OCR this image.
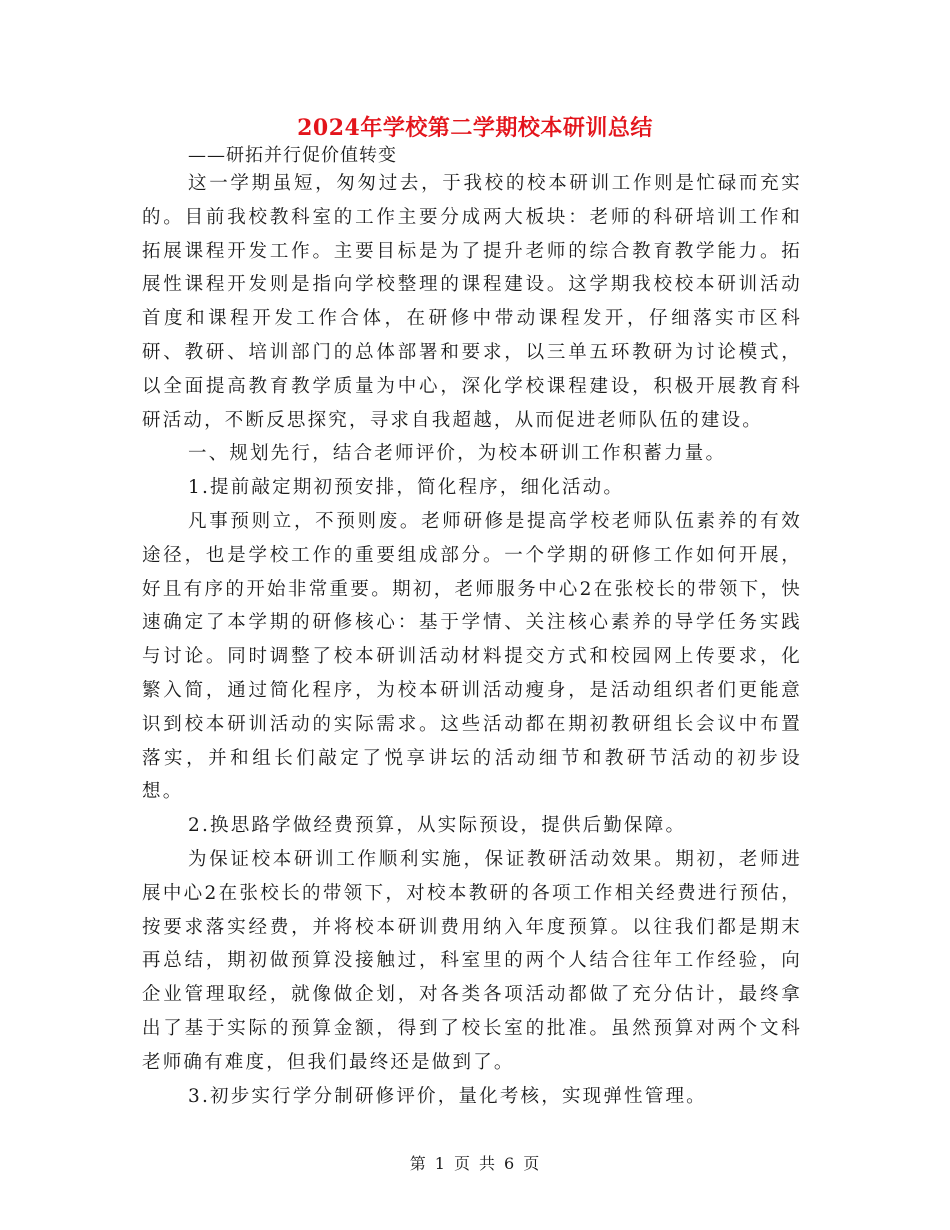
2024年学校第二学期校本研训总结
——研拓并行促价值转变

这一学期虽短，匆匆过去，于我校的校本研训工作则是忙碌而充实的。目前我校教科室的工作主要分成两大板块：老师的科研培训工作和拓展课程开发工作。主要目标是为了提升老师的综合教育教学能力。拓展性课程开发则是指向学校整理的课程建设。这学期我校校本研训活动首度和课程开发工作合体，在研修中带动课程发开，仔细落实市区科研、教研、培训部门的总体部署和要求，以三单五环教研为讨论模式，以全面提高教育教学质量为中心，深化学校课程建设，积极开展教育科研活动，不断反思探究，寻求自我超越，从而促进老师队伍的建设。

一、规划先行，结合老师评价，为校本研训工作积蓄力量。

1.提前敲定期初预安排，简化程序，细化活动。

凡事预则立，不预则废。老师研修是提高学校老师队伍素养的有效途径，也是学校工作的重要组成部分。一个学期的研修工作如何开展，好且有序的开始非常重要。期初，老师服务中心2在张校长的带领下，快速确定了本学期的研修核心：基于学情、关注核心素养的导学任务实践与讨论。同时调整了校本研训活动材料提交方式和校园网上传要求，化繁入简，通过简化程序，为校本研训活动瘦身，是活动组织者们更能意识到校本研训活动的实际需求。这些活动都在期初教研组长会议中布置落实，并和组长们敲定了悦享讲坛的活动细节和教研节活动的初步设想。

2.换思路学做经费预算，从实际预设，提供后勤保障。

为保证校本研训工作顺利实施，保证教研活动效果。期初，老师进展中心2在张校长的带领下，对校本教研的各项工作相关经费进行预估，按要求落实经费，并将校本研训费用纳入年度预算。以往我们都是期末再总结，期初做预算没接触过，科室里的两个人结合往年工作经验，向企业管理取经，就像做企划，对各类各项活动都做了充分估计，最终拿出了基于实际的预算金额，得到了校长室的批准。虽然预算对两个文科老师确有难度，但我们最终还是做到了。

3.初步实行学分制研修评价，量化考核，实现弹性管理。

第 1 页 共 6 页
